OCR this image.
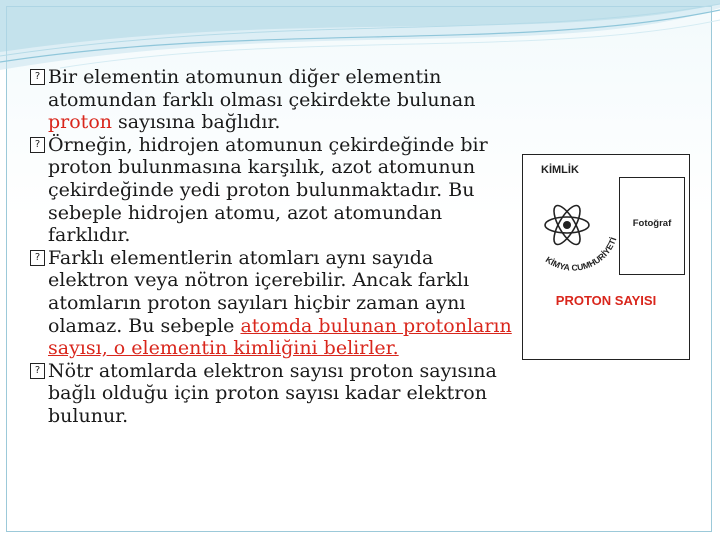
? Bir elementin atomunun diğer elementin atomundan farklı olması çekirdekte bulunan proton sayısına bağlıdır.

? Örneğin, hidrojen atomunun çekirdeğinde bir proton bulunmasına karşılık, azot atomunun çekirdeğinde yedi proton bulunmaktadır. Bu sebeple hidrojen atomu, azot atomundan farklıdır.

? Farklı elementlerin atomları aynı sayıda elektron veya nötron içerebilir. Ancak farklı atomların proton sayıları hiçbir zaman aynı olamaz. Bu sebeple atomda bulunan protonların sayısı, o elementin kimliğini belirler.

? Nötr atomlarda elektron sayısı proton sayısına bağlı olduğu için proton sayısı kadar elektron bulunur.

KİMLİK
KİMYA CUMHURİYETİ
Fotoğraf
PROTON SAYISI
